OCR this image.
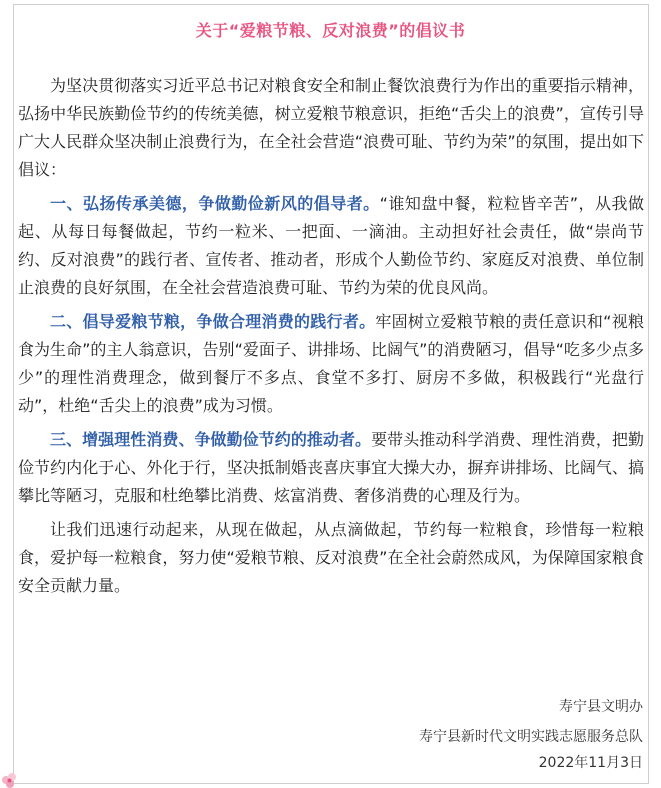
关于“爱粮节粮、反对浪费”的倡议书

为坚决贯彻落实习近平总书记对粮食安全和制止餐饮浪费行为作出的重要指示精神，弘扬中华民族勤俭节约的传统美德，树立爱粮节粮意识，拒绝“舌尖上的浪费”，宣传引导广大人民群众坚决制止浪费行为，在全社会营造“浪费可耻、节约为荣”的氛围，提出如下倡议：

一、弘扬传承美德，争做勤俭新风的倡导者。“谁知盘中餐，粒粒皆辛苦”，从我做起、从每日每餐做起，节约一粒米、一把面、一滴油。主动担好社会责任，做“崇尚节约、反对浪费”的践行者、宣传者、推动者，形成个人勤俭节约、家庭反对浪费、单位制止浪费的良好氛围，在全社会营造浪费可耻、节约为荣的优良风尚。

二、倡导爱粮节粮，争做合理消费的践行者。牢固树立爱粮节粮的责任意识和“视粮食为生命”的主人翁意识，告别“爱面子、讲排场、比阔气”的消费陋习，倡导“吃多少点多少”的理性消费理念，做到餐厅不多点、食堂不多打、厨房不多做，积极践行“光盘行动”，杜绝“舌尖上的浪费”成为习惯。

三、增强理性消费、争做勤俭节约的推动者。要带头推动科学消费、理性消费，把勤俭节约内化于心、外化于行，坚决抵制婚丧喜庆事宜大操大办，摒弃讲排场、比阔气、搞攀比等陋习，克服和杜绝攀比消费、炫富消费、奢侈消费的心理及行为。

让我们迅速行动起来，从现在做起，从点滴做起，节约每一粒粮食，珍惜每一粒粮食，爱护每一粒粮食，努力使“爱粮节粮、反对浪费”在全社会蔚然成风，为保障国家粮食安全贡献力量。

寿宁县文明办
寿宁县新时代文明实践志愿服务总队
2022年11月3日
